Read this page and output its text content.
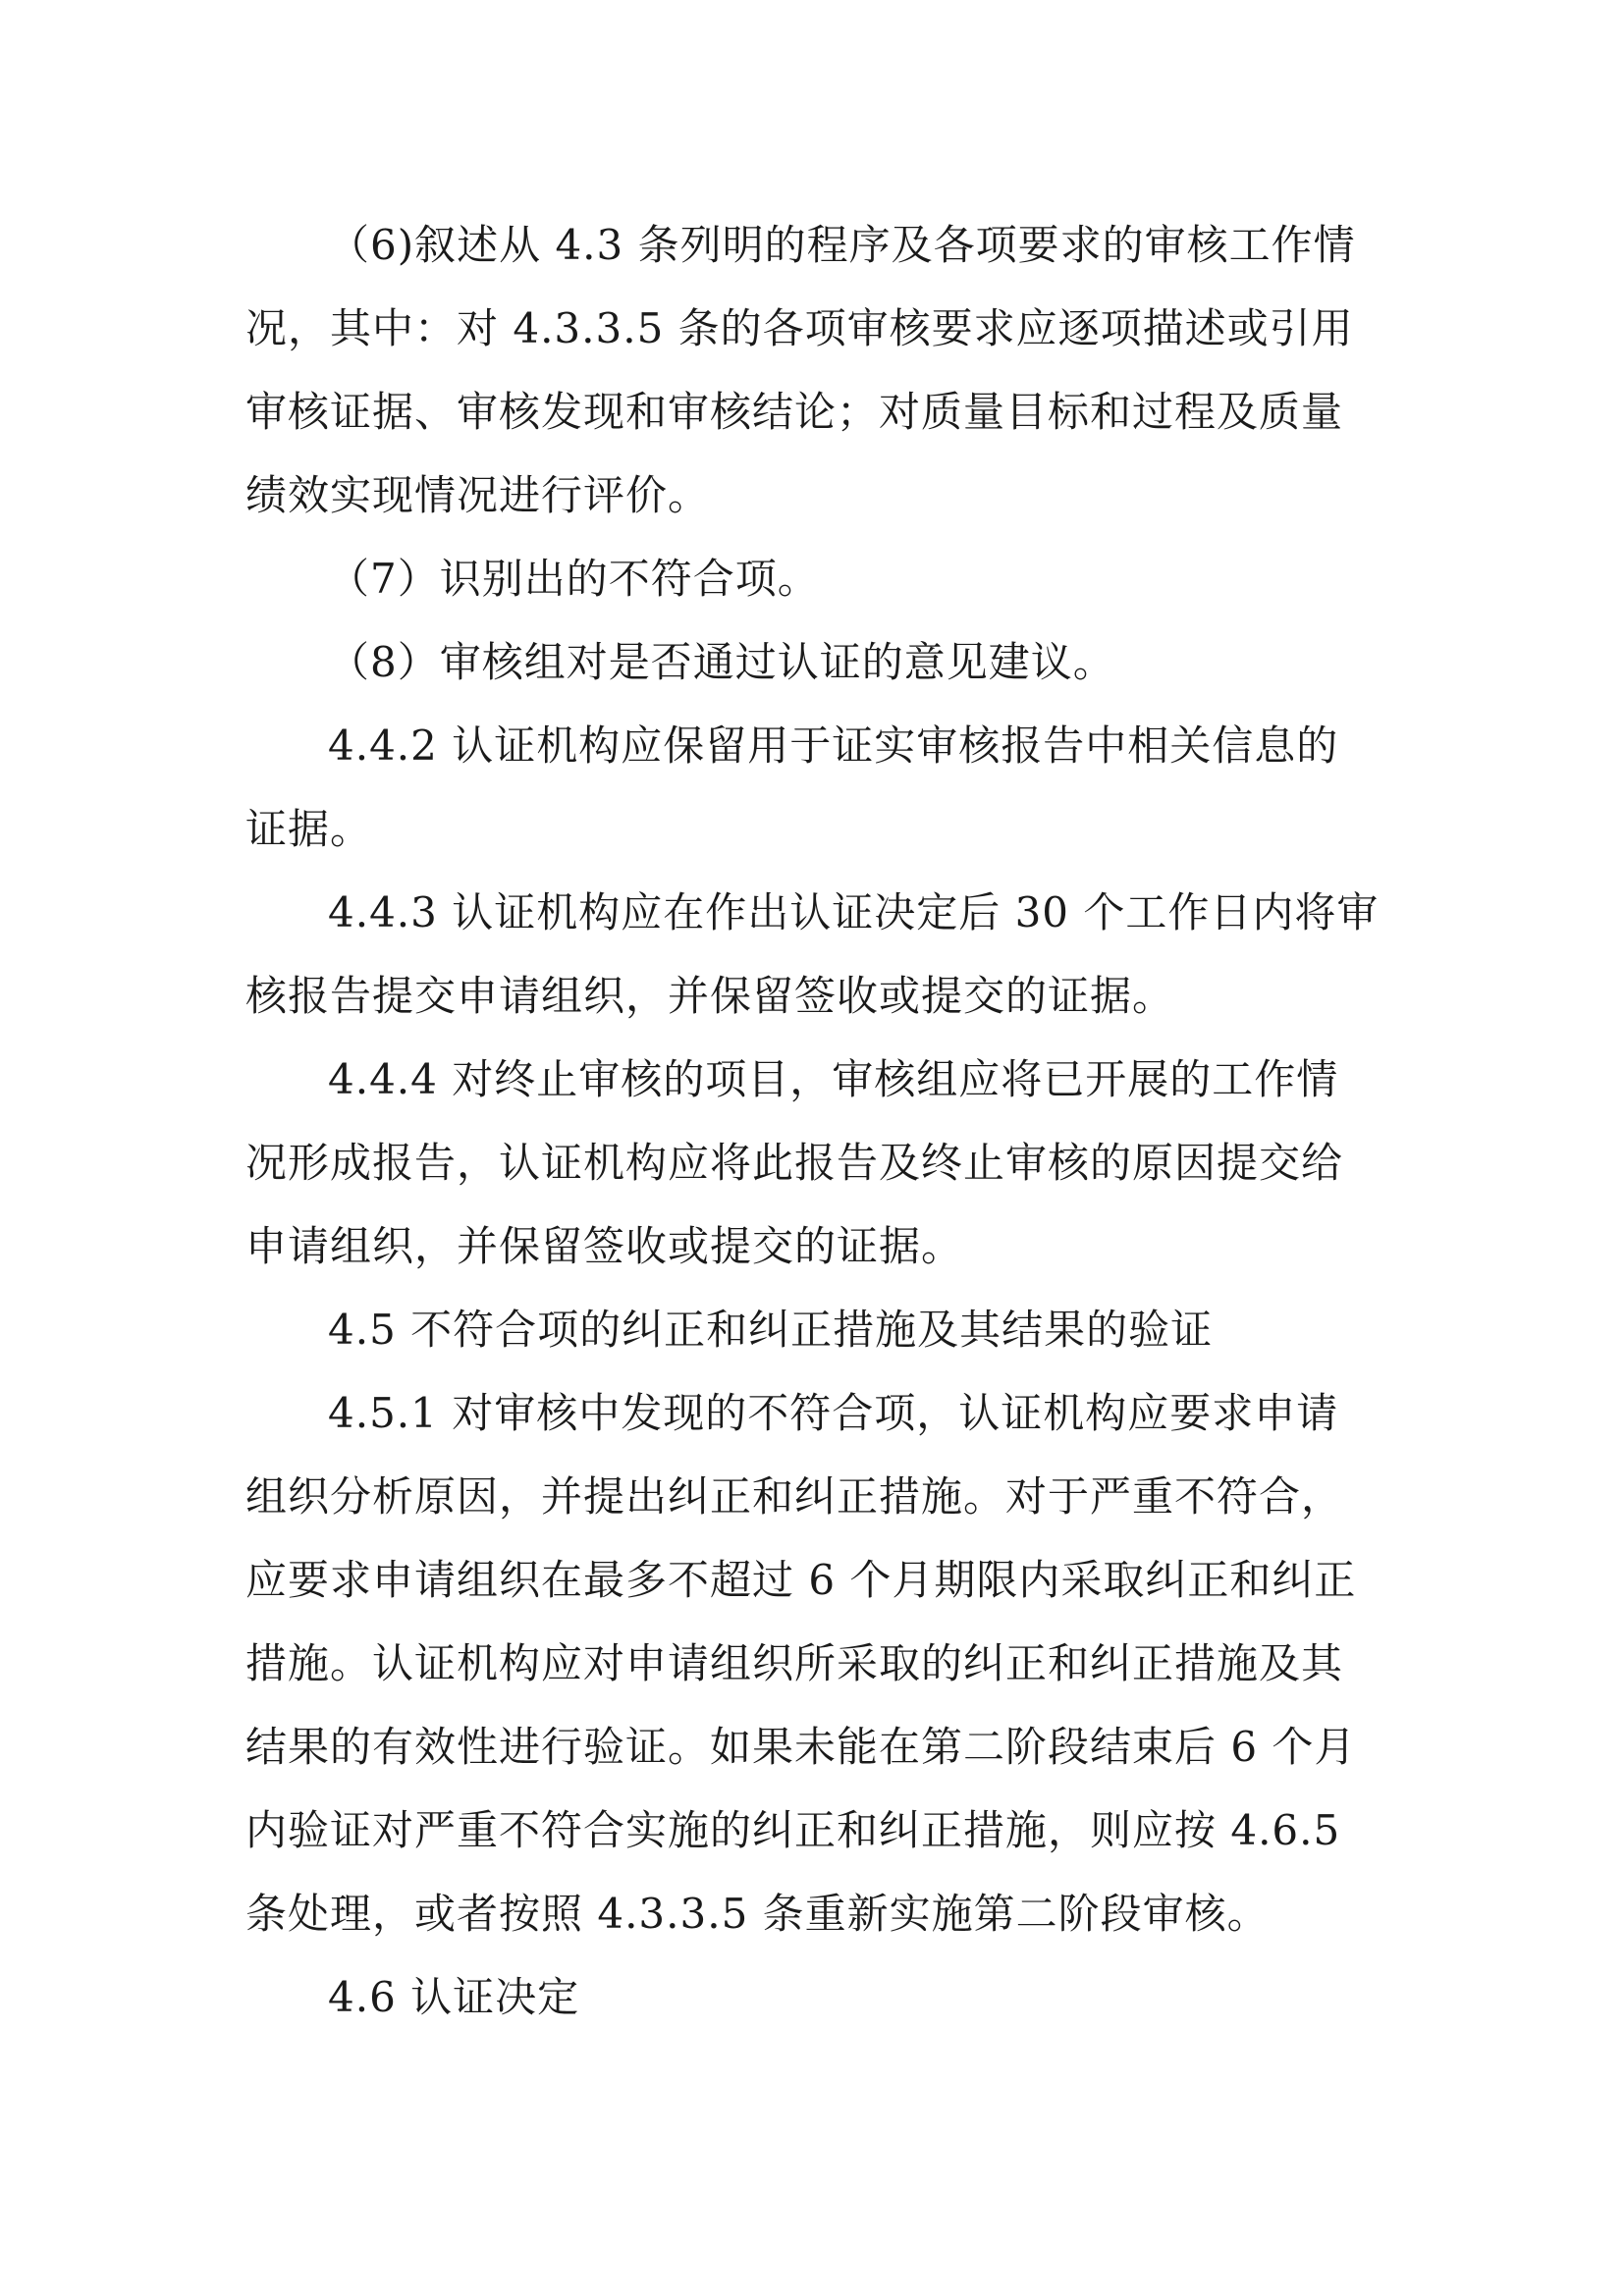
（6)叙述从 4.3 条列明的程序及各项要求的审核工作情
况，其中：对 4.3.3.5 条的各项审核要求应逐项描述或引用
审核证据、审核发现和审核结论；对质量目标和过程及质量
绩效实现情况进行评价。
（7）识别出的不符合项。
（8）审核组对是否通过认证的意见建议。
4.4.2 认证机构应保留用于证实审核报告中相关信息的
证据。
4.4.3 认证机构应在作出认证决定后 30 个工作日内将审
核报告提交申请组织，并保留签收或提交的证据。
4.4.4 对终止审核的项目，审核组应将已开展的工作情
况形成报告，认证机构应将此报告及终止审核的原因提交给
申请组织，并保留签收或提交的证据。
4.5 不符合项的纠正和纠正措施及其结果的验证
4.5.1 对审核中发现的不符合项，认证机构应要求申请
组织分析原因，并提出纠正和纠正措施。对于严重不符合，
应要求申请组织在最多不超过 6 个月期限内采取纠正和纠正
措施。认证机构应对申请组织所采取的纠正和纠正措施及其
结果的有效性进行验证。如果未能在第二阶段结束后 6 个月
内验证对严重不符合实施的纠正和纠正措施，则应按 4.6.5
条处理，或者按照 4.3.3.5 条重新实施第二阶段审核。
4.6 认证决定
